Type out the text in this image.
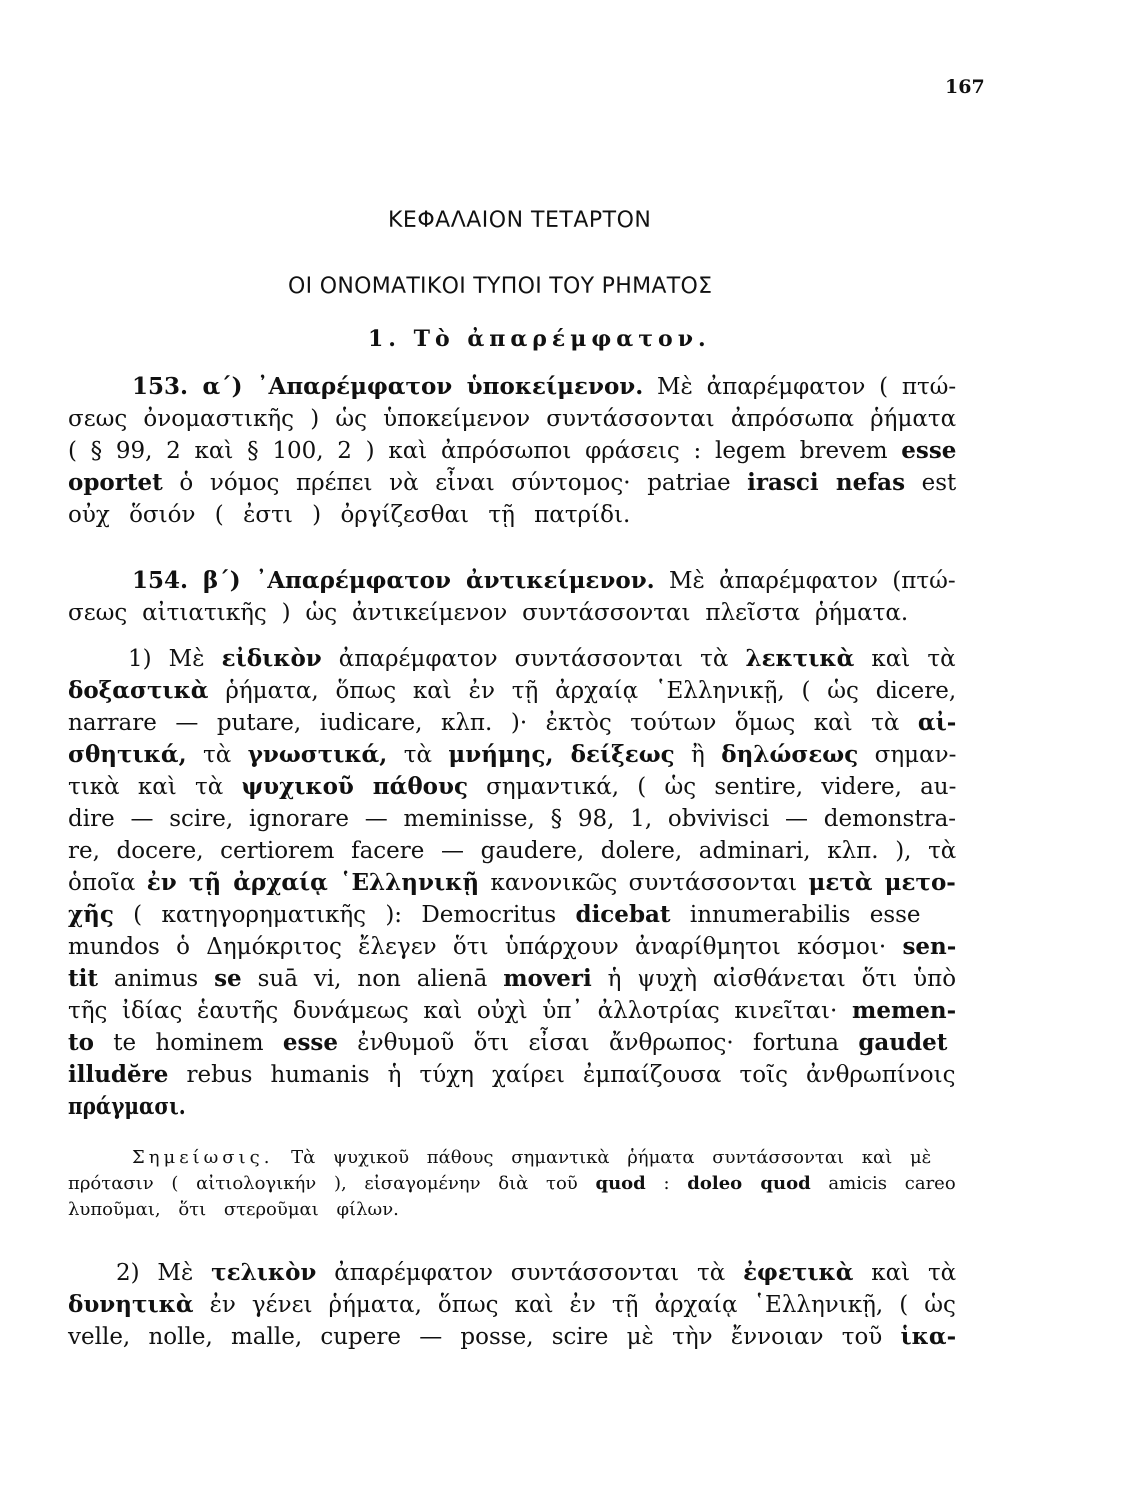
167
ΚΕΦΑΛΑΙΟΝ ΤΕΤΑΡΤΟΝ
ΟΙ ΟΝΟΜΑΤΙΚΟΙ ΤΥΠΟΙ ΤΟΥ ΡΗΜΑΤΟΣ
1. Τὸ ἀπαρέμφατον.
153. α΄) ᾿Απαρέμφατον ὑποκείμενον. Μὲ ἀπαρέμφατον ( πτώ-
σεως ὀνομαστικῆς ) ὡς ὑποκείμενον συντάσσονται ἀπρόσωπα ῥήματα
( § 99, 2 καὶ § 100, 2 ) καὶ ἀπρόσωποι φράσεις : legem brevem esse
oportet ὁ νόμος πρέπει νὰ εἶναι σύντομος· patriae irasci nefas est
οὐχ ὅσιόν ( ἐστι ) ὀργίζεσθαι τῇ πατρίδι.
154. β΄) ᾿Απαρέμφατον ἀντικείμενον. Μὲ ἀπαρέμφατον (πτώ-
σεως αἰτιατικῆς ) ὡς ἀντικείμενον συντάσσονται πλεῖστα ῥήματα.
1) Μὲ εἰδικὸν ἀπαρέμφατον συντάσσονται τὰ λεκτικὰ καὶ τὰ
δοξαστικὰ ῥήματα, ὅπως καὶ ἐν τῇ ἀρχαίᾳ ῾Ελληνικῇ, ( ὡς dicere,
narrare — putare, iudicare, κλπ. )· ἐκτὸς τούτων ὅμως καὶ τὰ αἰ-
σθητικά, τὰ γνωστικά, τὰ μνήμης, δείξεως ἢ δηλώσεως σημαν-
τικὰ καὶ τὰ ψυχικοῦ πάθους σημαντικά, ( ὡς sentire, videre, au-
dire — scire, ignorare — meminisse, § 98, 1, obvivisci — demonstra-
re, docere, certiorem facere — gaudere, dolere, adminari, κλπ. ), τὰ
ὁποῖα ἐν τῇ ἀρχαίᾳ ῾Ελληνικῇ κανονικῶς συντάσσονται μετὰ μετο-
χῆς ( κατηγορηματικῆς ): Democritus dicebat innumerabilis esse
mundos ὁ Δημόκριτος ἔλεγεν ὅτι ὑπάρχουν ἀναρίθμητοι κόσμοι· sen-
tit animus se suā vi, non alienā moveri ἡ ψυχὴ αἰσθάνεται ὅτι ὑπὸ
τῆς ἰδίας ἑαυτῆς δυνάμεως καὶ οὐχὶ ὑπ᾿ ἀλλοτρίας κινεῖται· memen-
to te hominem esse ἐνθυμοῦ ὅτι εἶσαι ἄνθρωπος· fortuna gaudet
illudĕre rebus humanis ἡ τύχη χαίρει ἐμπαίζουσα τοῖς ἀνθρωπίνοις
πράγμασι.
Σημείωσις. Τὰ ψυχικοῦ πάθους σημαντικὰ ῥήματα συντάσσονται καὶ μὲ
πρότασιν ( αἰτιολογικήν ), εἰσαγομένην διὰ τοῦ quod : doleo quod amicis careo
λυποῦμαι, ὅτι στεροῦμαι φίλων.
2) Μὲ τελικὸν ἀπαρέμφατον συντάσσονται τὰ ἐφετικὰ καὶ τὰ
δυνητικὰ ἐν γένει ῥήματα, ὅπως καὶ ἐν τῇ ἀρχαίᾳ ῾Ελληνικῇ, ( ὡς
velle, nolle, malle, cupere — posse, scire μὲ τὴν ἔννοιαν τοῦ ἱκα-
